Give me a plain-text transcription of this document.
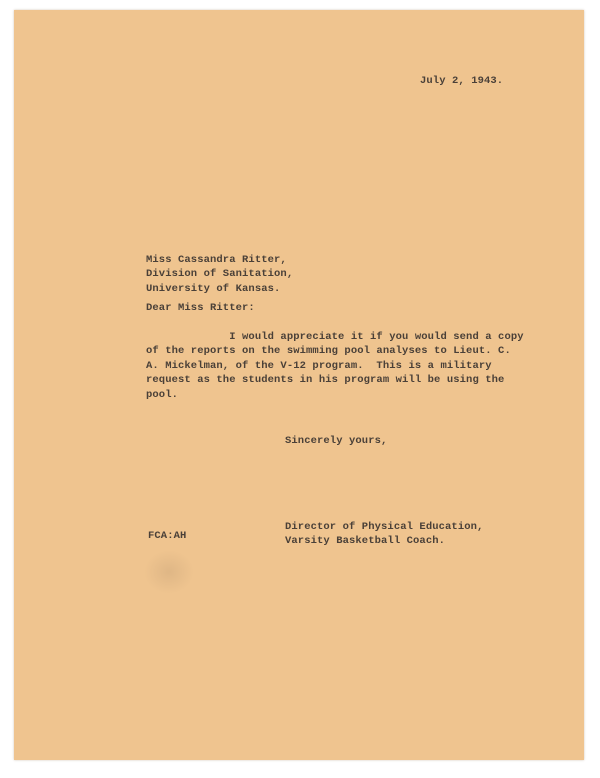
July 2, 1943.
Miss Cassandra Ritter,
Division of Sanitation,
University of Kansas.
Dear Miss Ritter:
I would appreciate it if you would send a copy
of the reports on the swimming pool analyses to Lieut. C.
A. Mickelman, of the V-12 program.  This is a military
request as the students in his program will be using the
pool.
Sincerely yours,
Director of Physical Education,
Varsity Basketball Coach.
FCA:AH
